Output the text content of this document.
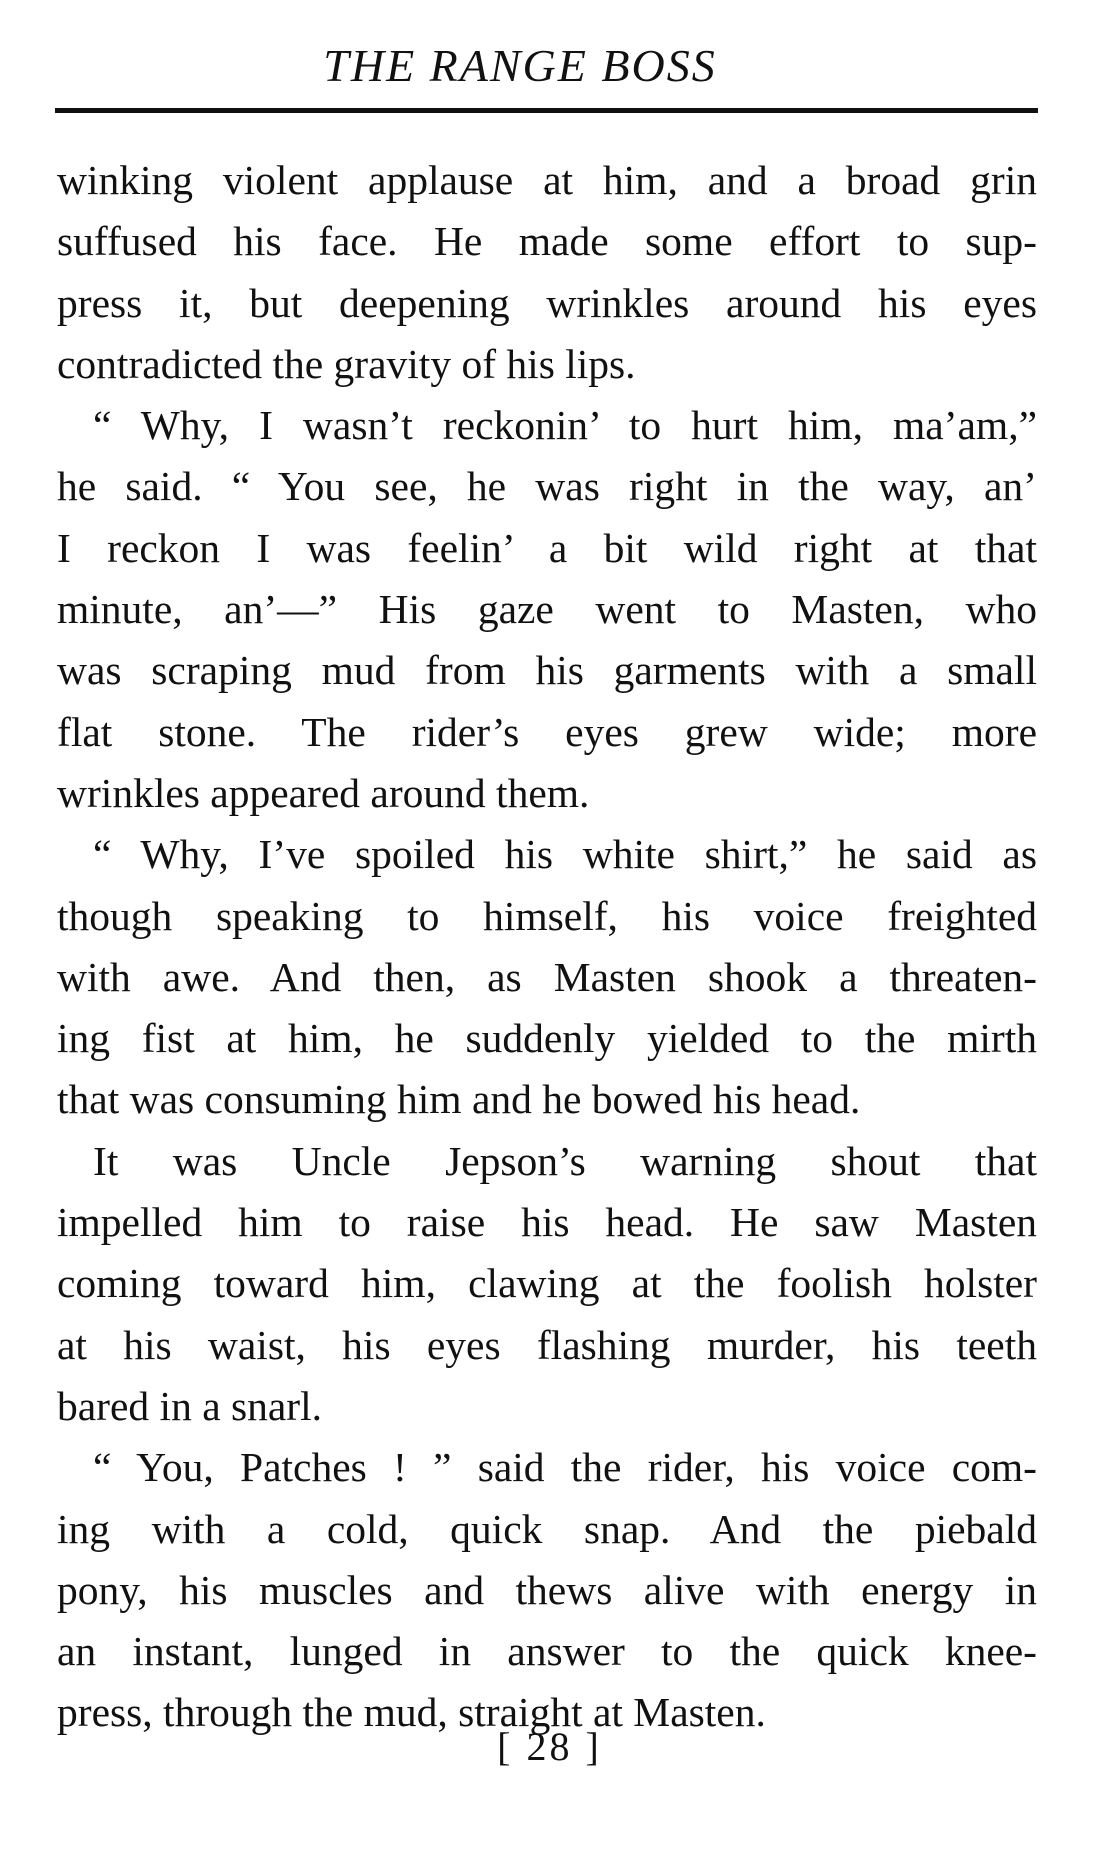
THE RANGE BOSS
winking violent applause at him, and a broad grin
suffused his face. He made some effort to sup-
press it, but deepening wrinkles around his eyes
contradicted the gravity of his lips.
“ Why, I wasn’t reckonin’ to hurt him, ma’am,”
he said. “ You see, he was right in the way, an’
I reckon I was feelin’ a bit wild right at that
minute, an’—” His gaze went to Masten, who
was scraping mud from his garments with a small
flat stone. The rider’s eyes grew wide; more
wrinkles appeared around them.
“ Why, I’ve spoiled his white shirt,” he said as
though speaking to himself, his voice freighted
with awe. And then, as Masten shook a threaten-
ing fist at him, he suddenly yielded to the mirth
that was consuming him and he bowed his head.
It was Uncle Jepson’s warning shout that
impelled him to raise his head. He saw Masten
coming toward him, clawing at the foolish holster
at his waist, his eyes flashing murder, his teeth
bared in a snarl.
“ You, Patches ! ” said the rider, his voice com-
ing with a cold, quick snap. And the piebald
pony, his muscles and thews alive with energy in
an instant, lunged in answer to the quick knee-
press, through the mud, straight at Masten.
[ 28 ]
